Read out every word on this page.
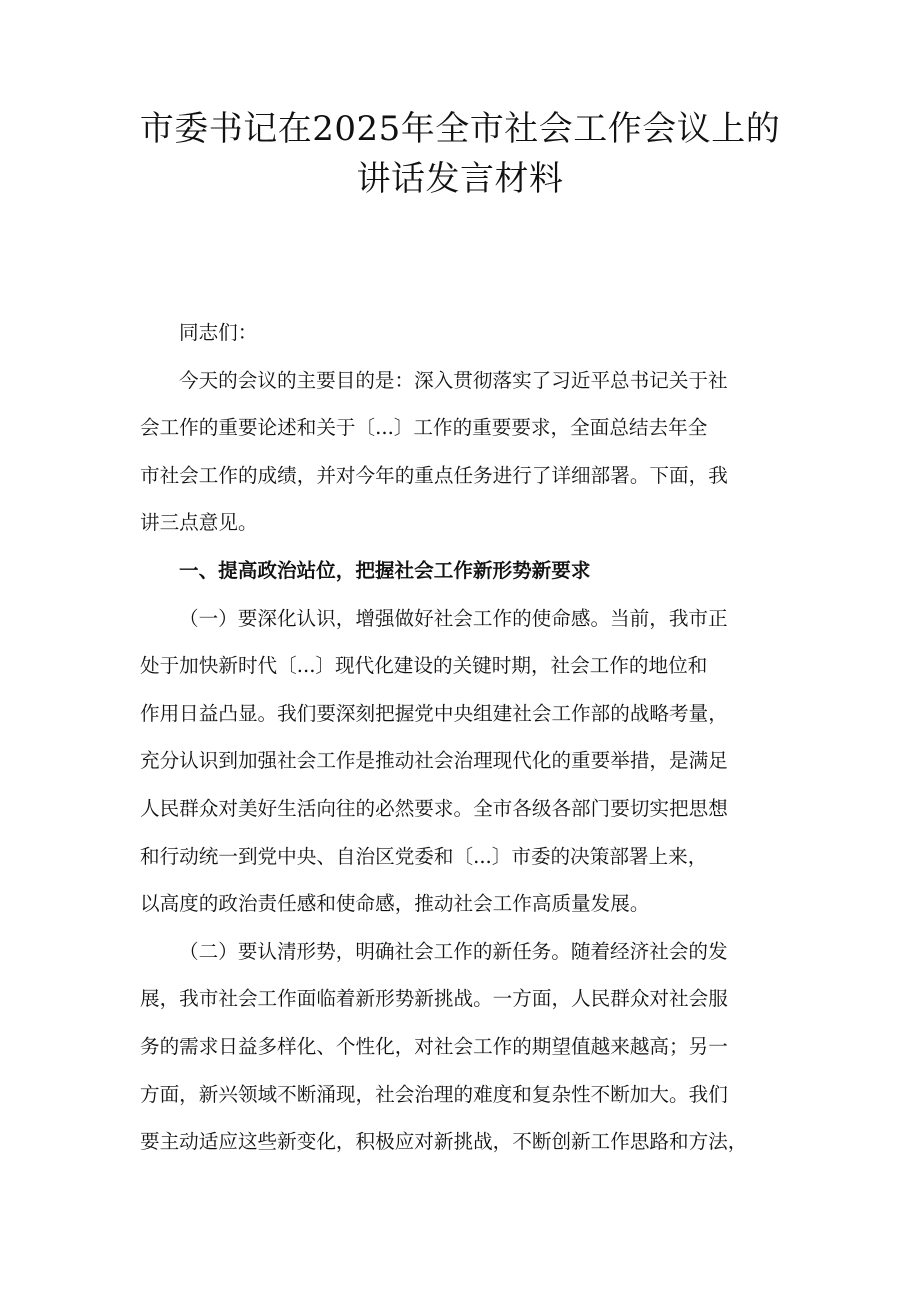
市委书记在2025年全市社会工作会议上的
讲话发言材料
同志们：
今天的会议的主要目的是：深入贯彻落实了习近平总书记关于社
会工作的重要论述和关于〔...〕工作的重要要求，全面总结去年全
市社会工作的成绩，并对今年的重点任务进行了详细部署。下面，我
讲三点意见。
一、提高政治站位，把握社会工作新形势新要求
（一）要深化认识，增强做好社会工作的使命感。当前，我市正
处于加快新时代〔...〕现代化建设的关键时期，社会工作的地位和
作用日益凸显。我们要深刻把握党中央组建社会工作部的战略考量，
充分认识到加强社会工作是推动社会治理现代化的重要举措，是满足
人民群众对美好生活向往的必然要求。全市各级各部门要切实把思想
和行动统一到党中央、自治区党委和〔...〕市委的决策部署上来，
以高度的政治责任感和使命感，推动社会工作高质量发展。
（二）要认清形势，明确社会工作的新任务。随着经济社会的发
展，我市社会工作面临着新形势新挑战。一方面，人民群众对社会服
务的需求日益多样化、个性化，对社会工作的期望值越来越高；另一
方面，新兴领域不断涌现，社会治理的难度和复杂性不断加大。我们
要主动适应这些新变化，积极应对新挑战，不断创新工作思路和方法，
